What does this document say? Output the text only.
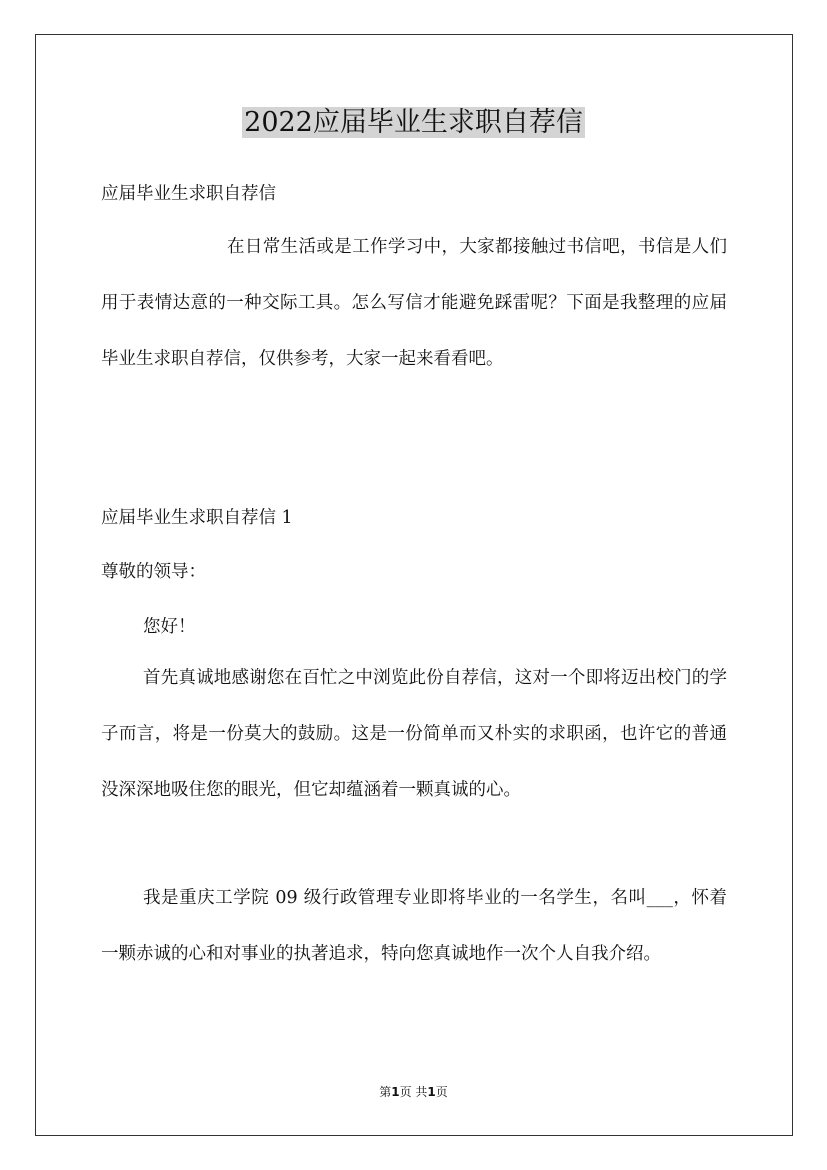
2022应届毕业生求职自荐信

应届毕业生求职自荐信

在日常生活或是工作学习中，大家都接触过书信吧，书信是人们用于表情达意的一种交际工具。怎么写信才能避免踩雷呢？下面是我整理的应届毕业生求职自荐信，仅供参考，大家一起来看看吧。

应届毕业生求职自荐信 1

尊敬的领导：

您好！

首先真诚地感谢您在百忙之中浏览此份自荐信，这对一个即将迈出校门的学子而言，将是一份莫大的鼓励。这是一份简单而又朴实的求职函，也许它的普通没深深地吸住您的眼光，但它却蕴涵着一颗真诚的心。

我是重庆工学院 09 级行政管理专业即将毕业的一名学生，名叫___，怀着一颗赤诚的心和对事业的执著追求，特向您真诚地作一次个人自我介绍。

第1页 共1页
